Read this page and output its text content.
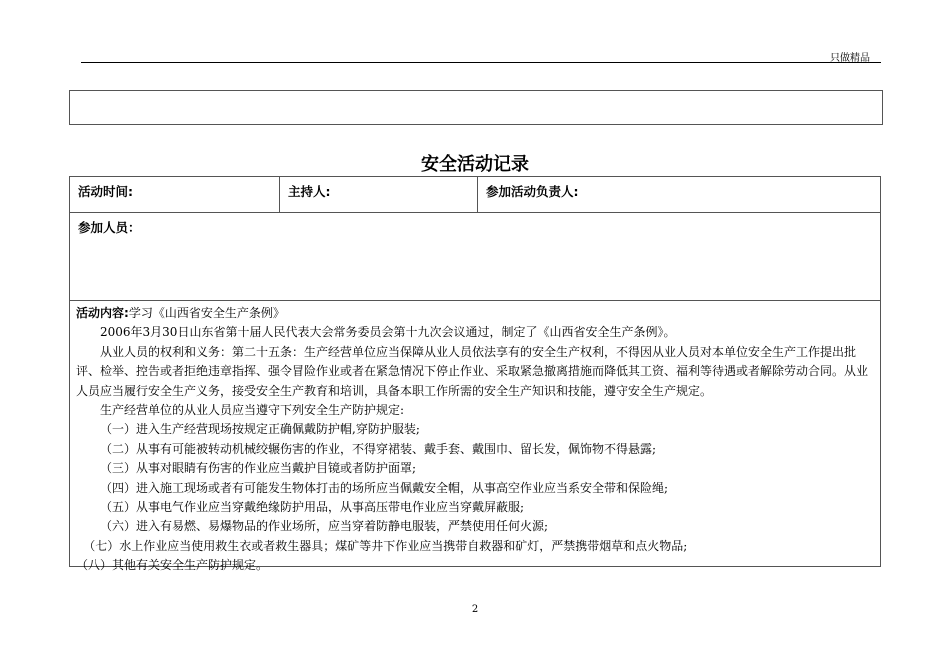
只做精品
安全活动记录
活动时间:	主持人:	参加活动负责人:
参加人员：

活动内容:学习《山西省安全生产条例》

2006年3月30日山东省第十届人民代表大会常务委员会第十九次会议通过，制定了《山西省安全生产条例》。

从业人员的权利和义务：第二十五条：生产经营单位应当保障从业人员依法享有的安全生产权利，不得因从业人员对本单位安全生产工作提出批评、检举、控告或者拒绝违章指挥、强令冒险作业或者在紧急情况下停止作业、采取紧急撤离措施而降低其工资、福利等待遇或者解除劳动合同。从业人员应当履行安全生产义务，接受安全生产教育和培训，具备本职工作所需的安全生产知识和技能，遵守安全生产规定。

生产经营单位的从业人员应当遵守下列安全生产防护规定:

（一）进入生产经营现场按规定正确佩戴防护帽,穿防护服装;

（二）从事有可能被转动机械绞辗伤害的作业，不得穿裙装、戴手套、戴围巾、留长发，佩饰物不得悬露;

（三）从事对眼睛有伤害的作业应当戴护目镜或者防护面罩;

（四）进入施工现场或者有可能发生物体打击的场所应当佩戴安全帽，从事高空作业应当系安全带和保险绳;

（五）从事电气作业应当穿戴绝缘防护用品，从事高压带电作业应当穿戴屏蔽服;

（六）进入有易燃、易爆物品的作业场所，应当穿着防静电服装，严禁使用任何火源;

（七）水上作业应当使用救生衣或者救生器具；煤矿等井下作业应当携带自救器和矿灯，严禁携带烟草和点火物品;

（八）其他有关安全生产防护规定。

2
